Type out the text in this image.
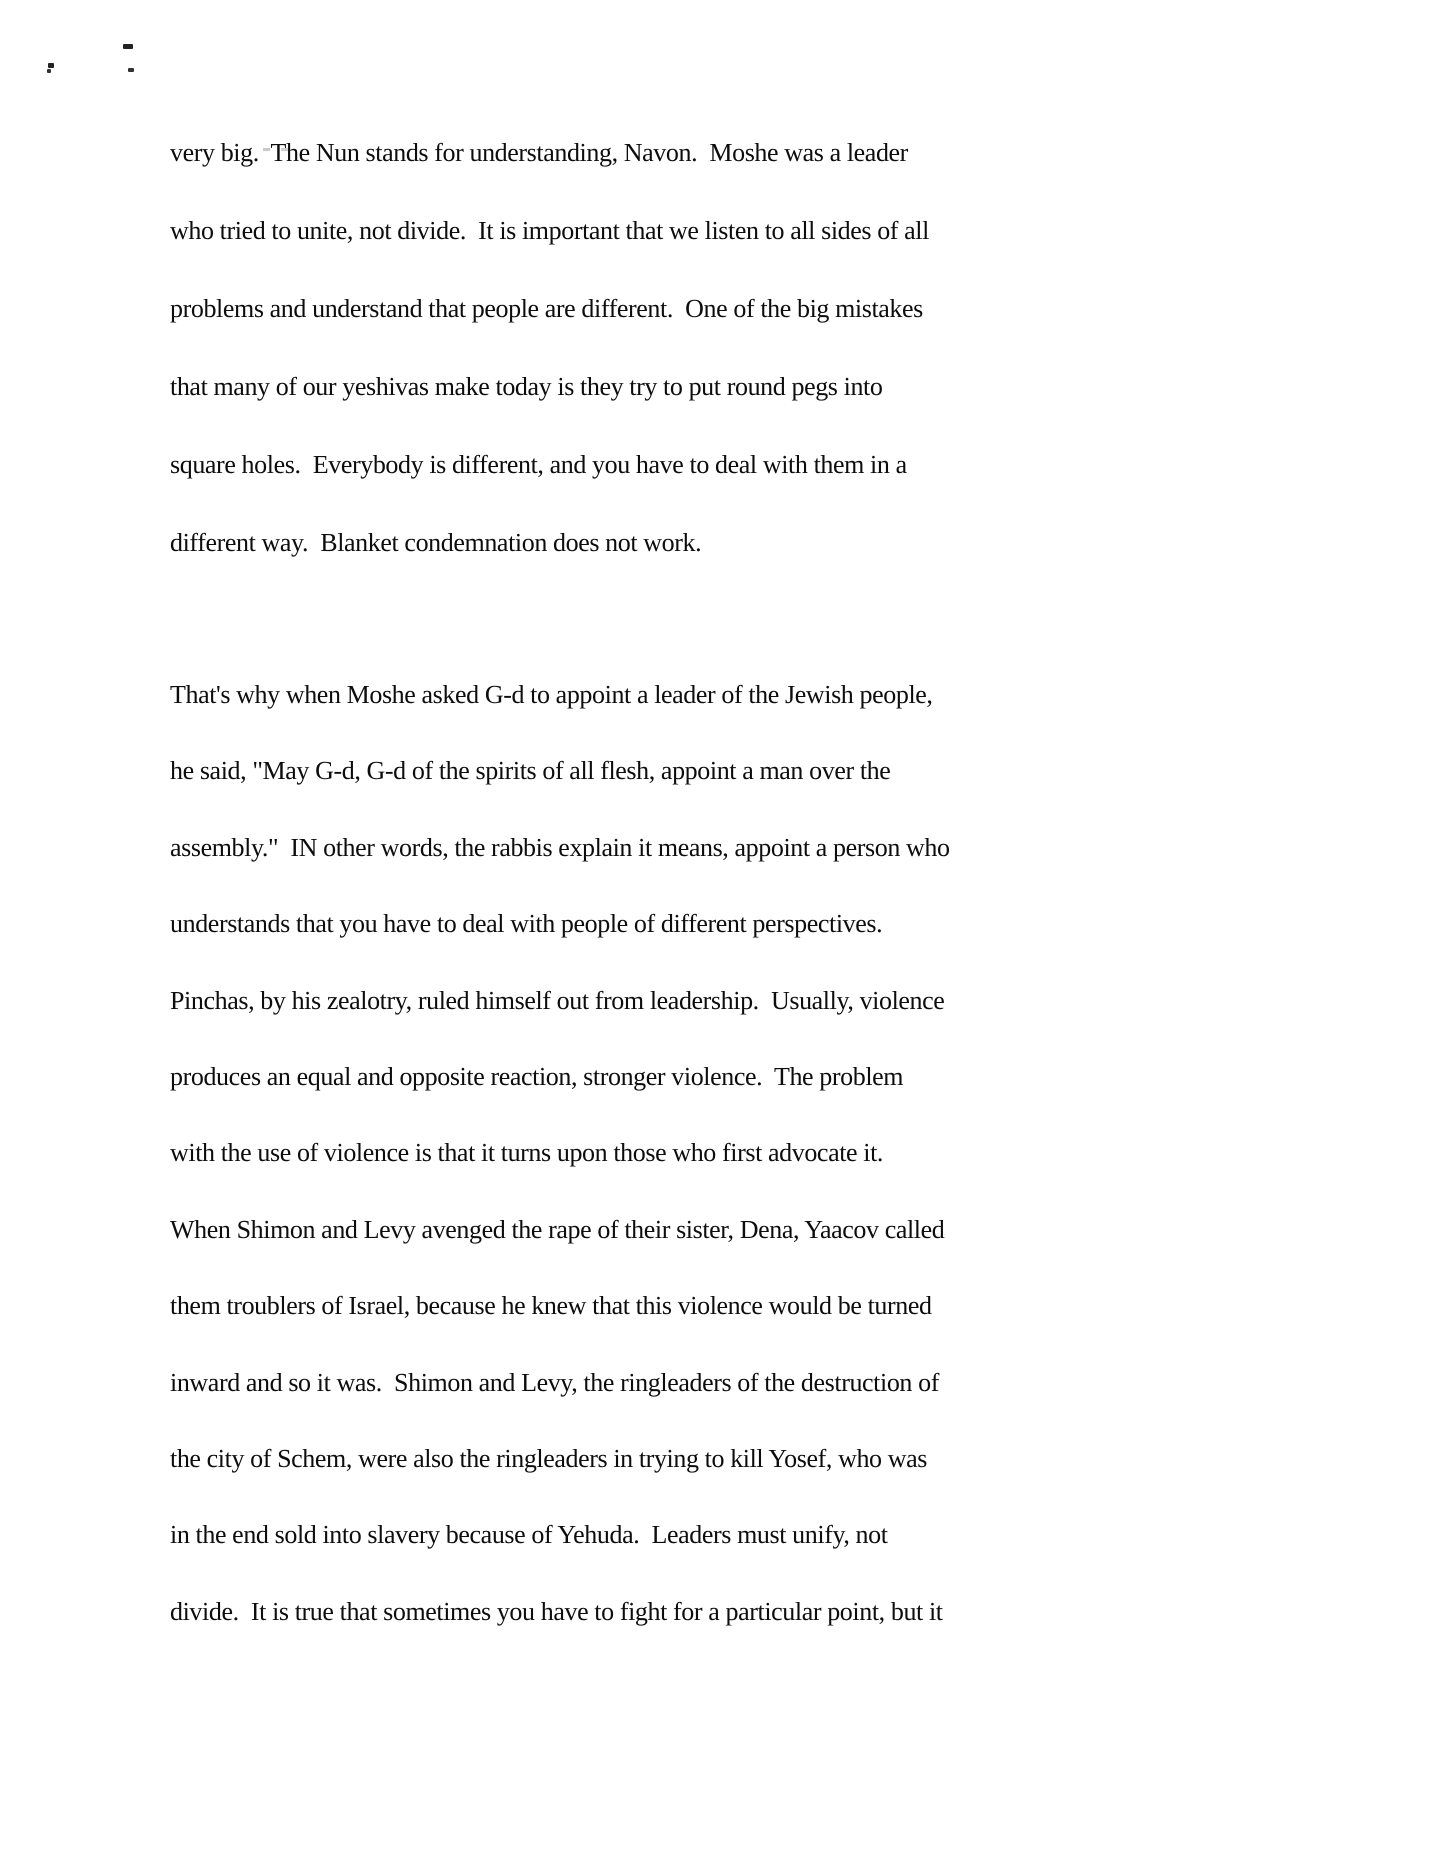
very big.  The Nun stands for understanding, Navon.  Moshe was a leader
who tried to unite, not divide.  It is important that we listen to all sides of all
problems and understand that people are different.  One of the big mistakes
that many of our yeshivas make today is they try to put round pegs into
square holes.  Everybody is different, and you have to deal with them in a
different way.  Blanket condemnation does not work.
That's why when Moshe asked G-d to appoint a leader of the Jewish people,
he said, "May G-d, G-d of the spirits of all flesh, appoint a man over the
assembly."  IN other words, the rabbis explain it means, appoint a person who
understands that you have to deal with people of different perspectives.
Pinchas, by his zealotry, ruled himself out from leadership.  Usually, violence
produces an equal and opposite reaction, stronger violence.  The problem
with the use of violence is that it turns upon those who first advocate it.
When Shimon and Levy avenged the rape of their sister, Dena, Yaacov called
them troublers of Israel, because he knew that this violence would be turned
inward and so it was.  Shimon and Levy, the ringleaders of the destruction of
the city of Schem, were also the ringleaders in trying to kill Yosef, who was
in the end sold into slavery because of Yehuda.  Leaders must unify, not
divide.  It is true that sometimes you have to fight for a particular point, but it
